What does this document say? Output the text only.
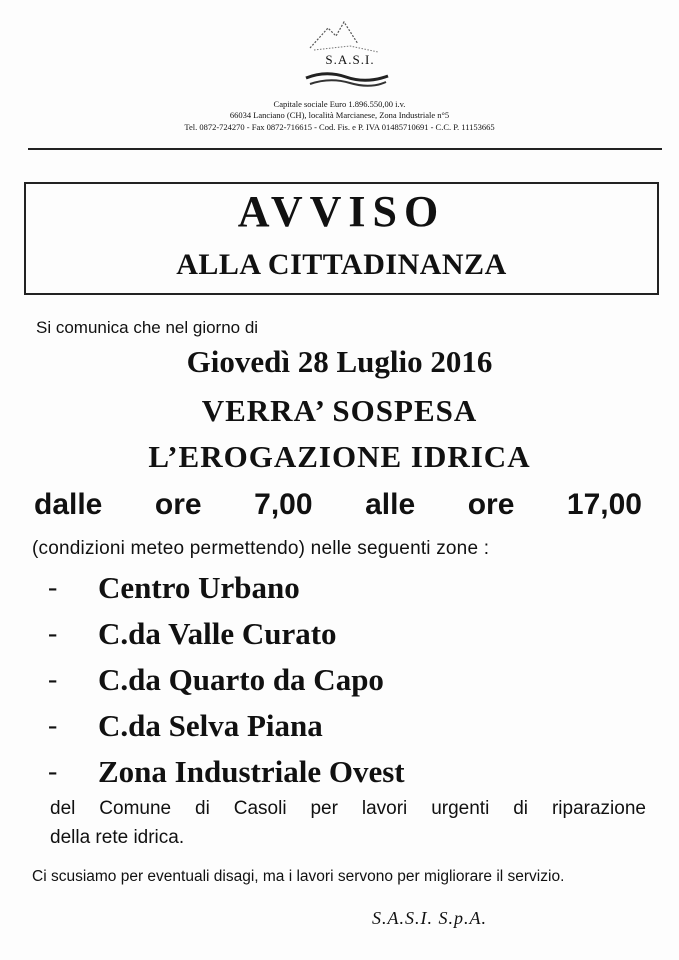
S.A.S.I.
Capitale sociale Euro 1.896.550,00 i.v.
66034 Lanciano (CH), località Marcianese, Zona Industriale n°5
Tel. 0872-724270 - Fax 0872-716615 - Cod. Fis. e P. IVA 01485710691 - C.C. P. 11153665
AVVISO
ALLA CITTADINANZA
Si comunica che nel giorno di
Giovedì 28 Luglio 2016
VERRA’ SOSPESA
L’EROGAZIONE IDRICA
dalle ore 7,00 alle ore 17,00
(condizioni meteo permettendo) nelle seguenti zone :
-	Centro Urbano
-	C.da Valle Curato
-	C.da Quarto da Capo
-	C.da Selva Piana
-	Zona Industriale Ovest
del Comune di Casoli per lavori urgenti di riparazione
della rete idrica.
Ci scusiamo per eventuali disagi, ma i lavori servono per migliorare il servizio.
S.A.S.I. S.p.A.
